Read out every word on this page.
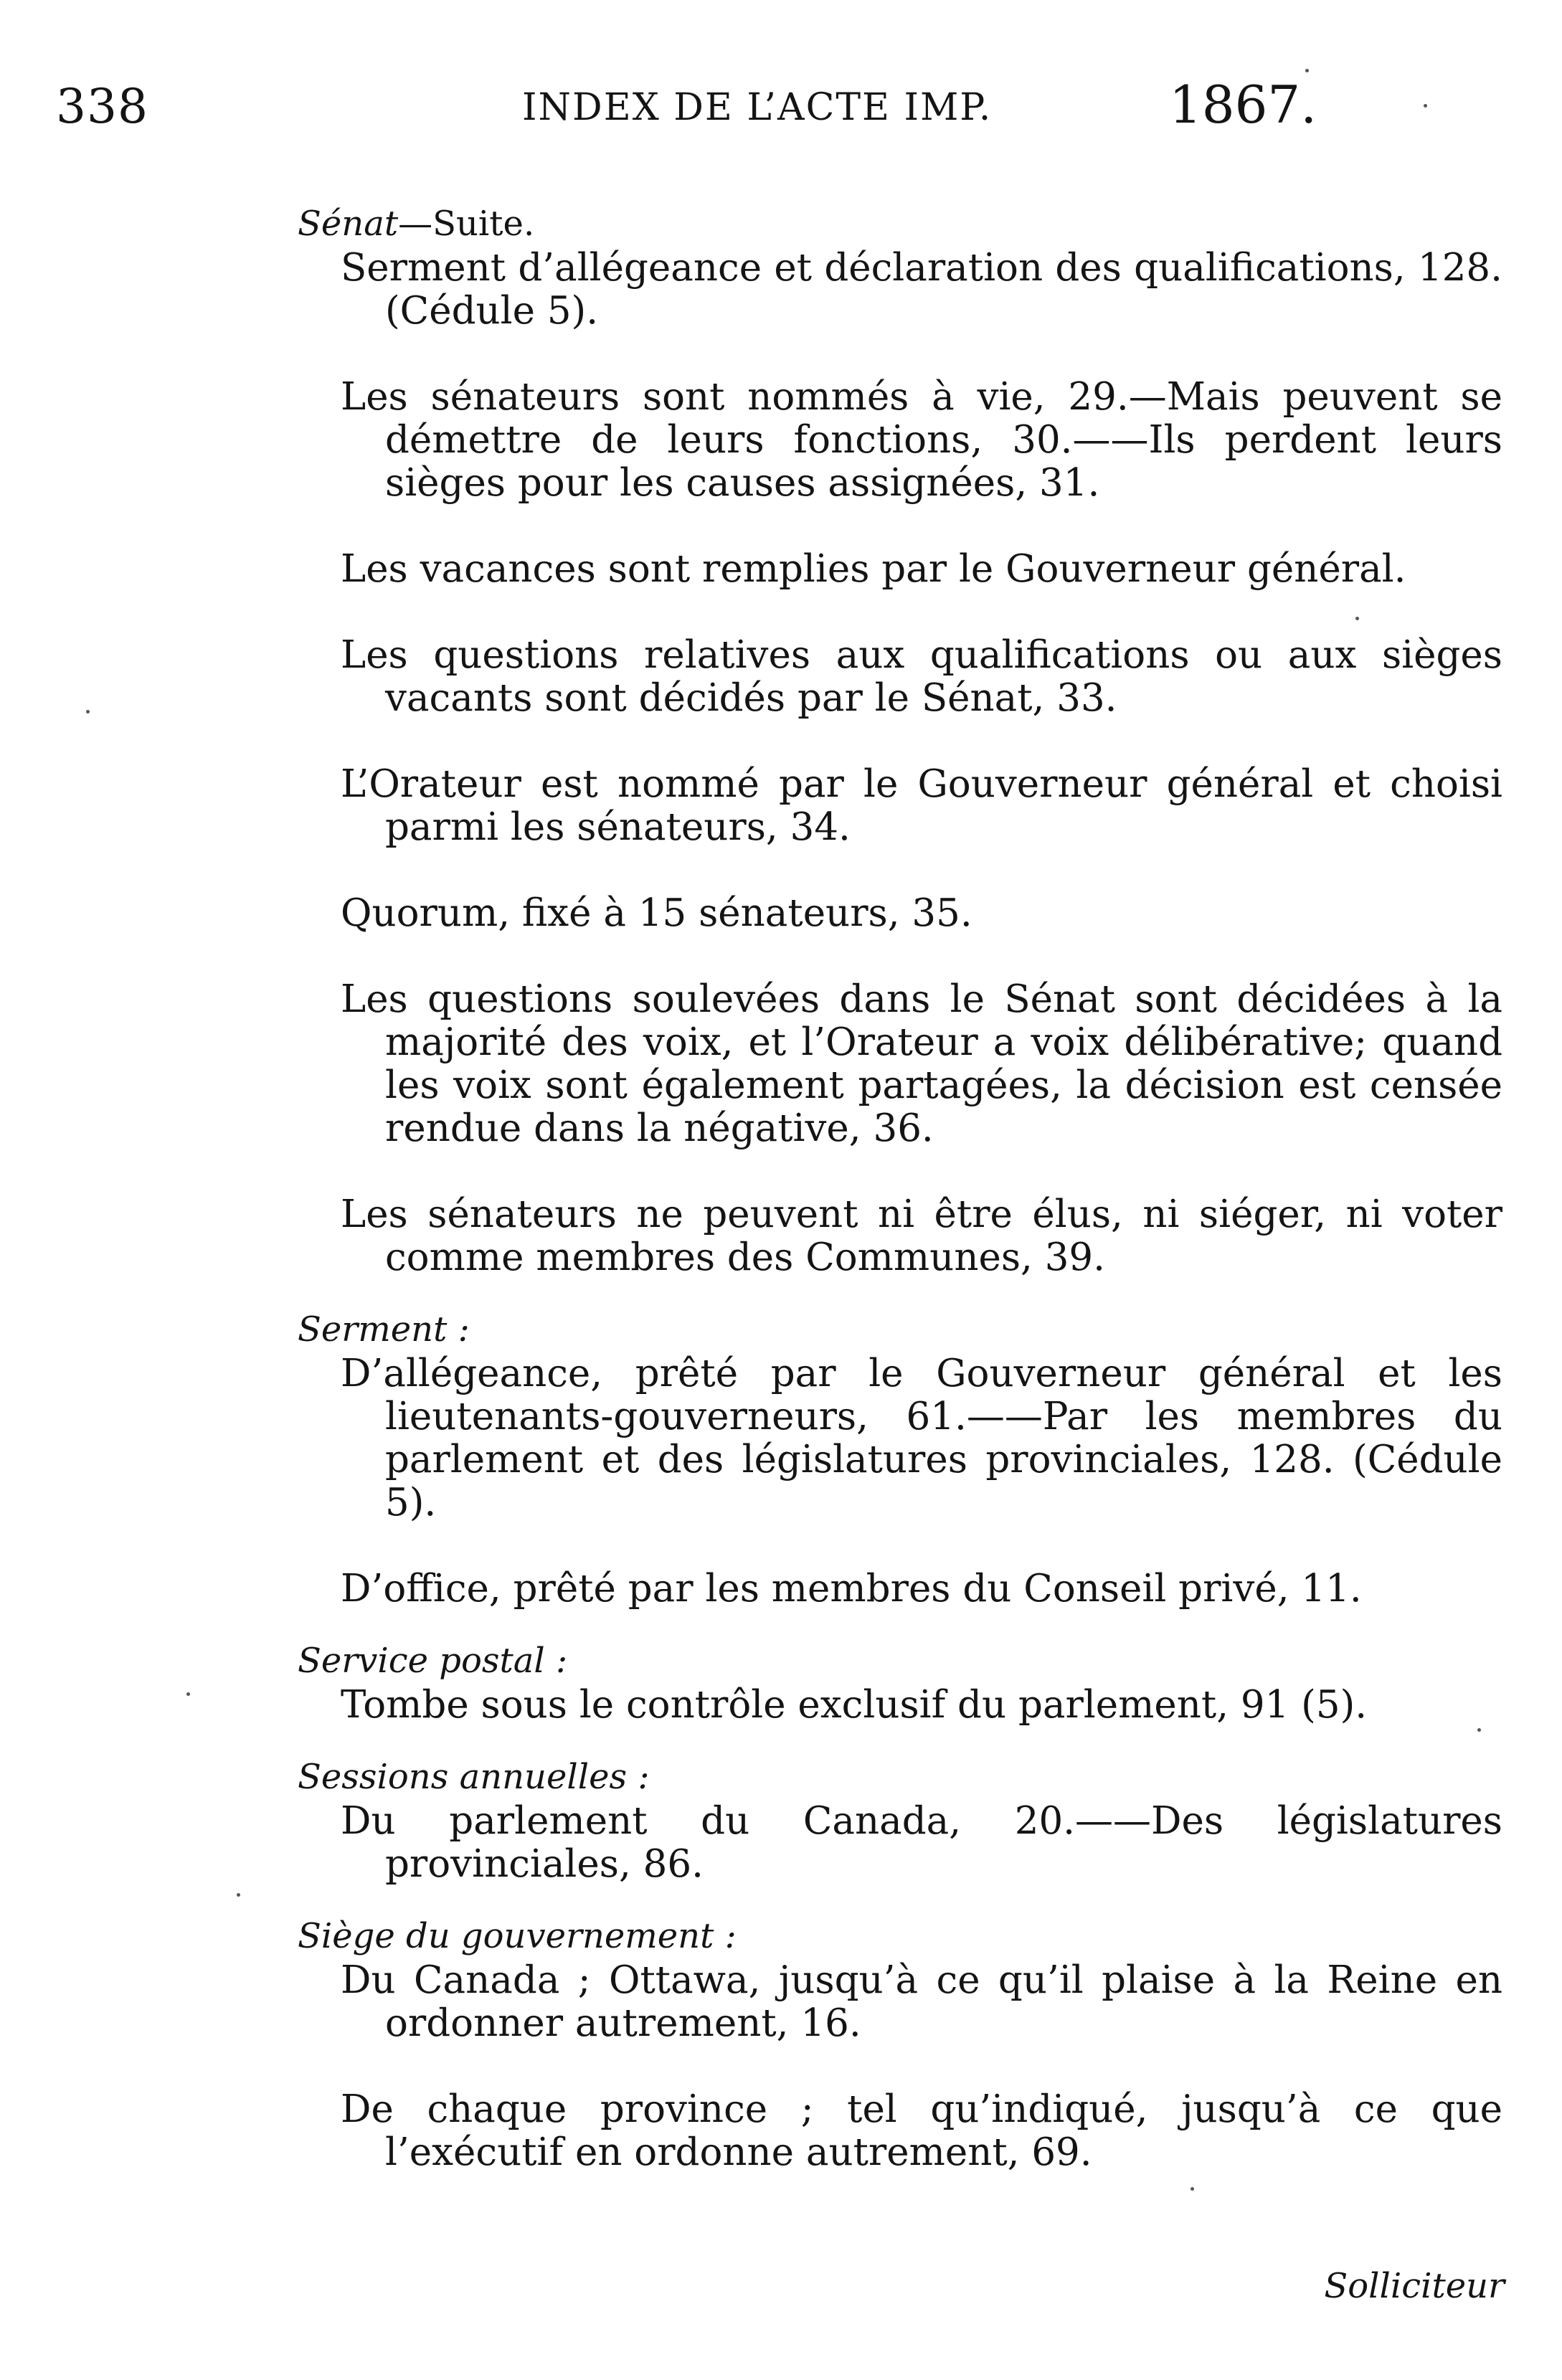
338	INDEX DE L’ACTE IMP.	1867.

Sénat—Suite.

Serment d’allégeance et déclaration des qualifications, 128. (Cédule 5).

Les sénateurs sont nommés à vie, 29.—Mais peuvent se démettre de leurs fonctions, 30.——Ils perdent leurs sièges pour les causes assignées, 31.

Les vacances sont remplies par le Gouverneur général.

Les questions relatives aux qualifications ou aux sièges vacants sont décidés par le Sénat, 33.

L’Orateur est nommé par le Gouverneur général et choisi parmi les sénateurs, 34.

Quorum, fixé à 15 sénateurs, 35.

Les questions soulevées dans le Sénat sont décidées à la majorité des voix, et l’Orateur a voix délibérative; quand les voix sont également partagées, la décision est censée rendue dans la négative, 36.

Les sénateurs ne peuvent ni être élus, ni siéger, ni voter comme membres des Communes, 39.

Serment :

D’allégeance, prêté par le Gouverneur général et les lieutenants-gouverneurs, 61.——Par les membres du parlement et des législatures provinciales, 128. (Cédule 5).

D’office, prêté par les membres du Conseil privé, 11.

Service postal :

Tombe sous le contrôle exclusif du parlement, 91 (5).

Sessions annuelles :

Du parlement du Canada, 20.——Des législatures provinciales, 86.

Siège du gouvernement :

Du Canada ; Ottawa, jusqu’à ce qu’il plaise à la Reine en ordonner autrement, 16.

De chaque province ; tel qu’indiqué, jusqu’à ce que l’exécutif en ordonne autrement, 69.

Solliciteur
